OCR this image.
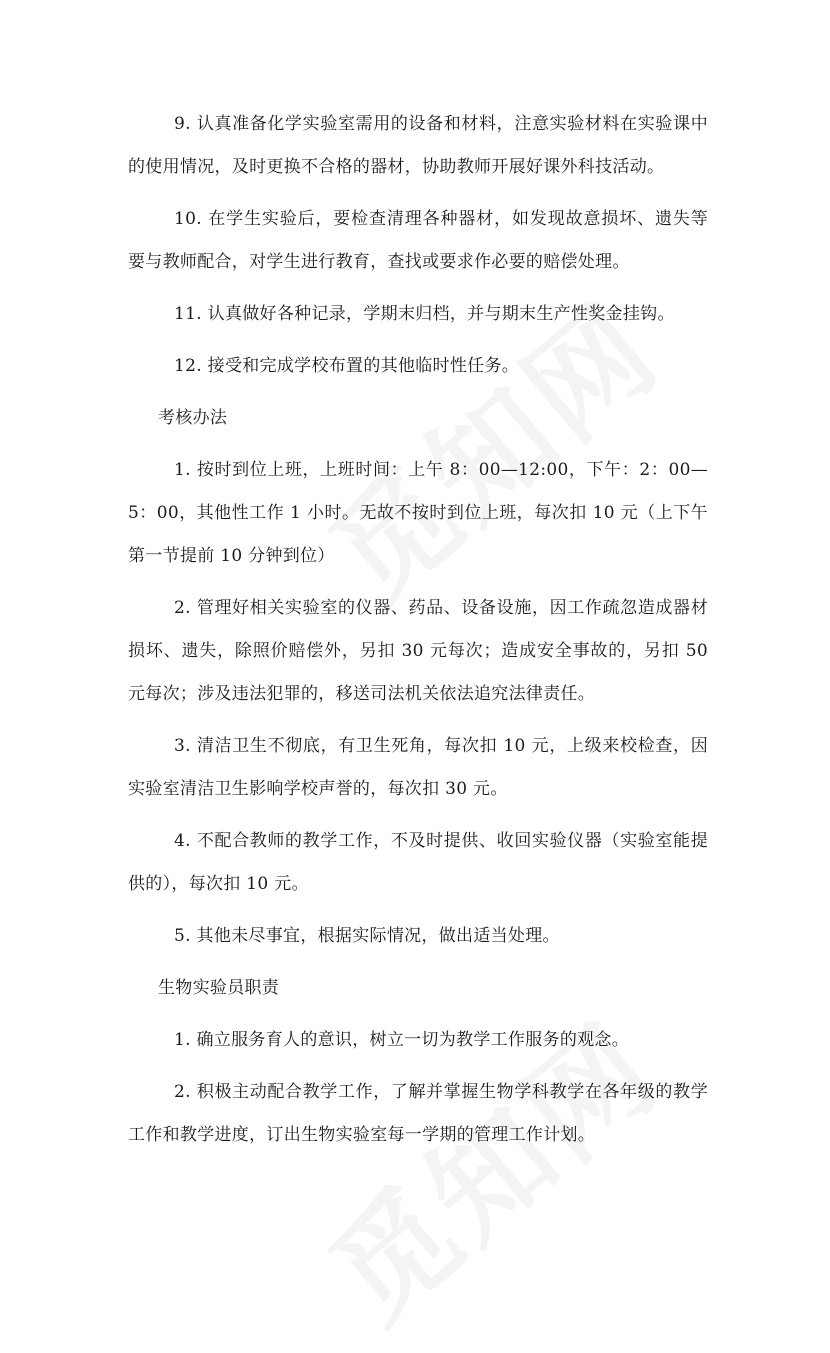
9. 认真准备化学实验室需用的设备和材料，注意实验材料在实验课中的使用情况，及时更换不合格的器材，协助教师开展好课外科技活动。

10. 在学生实验后，要检查清理各种器材，如发现故意损坏、遗失等要与教师配合，对学生进行教育，查找或要求作必要的赔偿处理。

11. 认真做好各种记录，学期末归档，并与期末生产性奖金挂钩。

12. 接受和完成学校布置的其他临时性任务。

考核办法

1. 按时到位上班，上班时间：上午 8：00—12:00，下午：2：00—5：00，其他性工作 1 小时。无故不按时到位上班，每次扣 10 元（上下午第一节提前 10 分钟到位）

2. 管理好相关实验室的仪器、药品、设备设施，因工作疏忽造成器材损坏、遗失，除照价赔偿外，另扣 30 元每次；造成安全事故的，另扣 50 元每次；涉及违法犯罪的，移送司法机关依法追究法律责任。

3. 清洁卫生不彻底，有卫生死角，每次扣 10 元，上级来校检查，因实验室清洁卫生影响学校声誉的，每次扣 30 元。

4. 不配合教师的教学工作，不及时提供、收回实验仪器（实验室能提供的），每次扣 10 元。

5. 其他未尽事宜，根据实际情况，做出适当处理。

生物实验员职责

1. 确立服务育人的意识，树立一切为教学工作服务的观念。

2. 积极主动配合教学工作，了解并掌握生物学科教学在各年级的教学工作和教学进度，订出生物实验室每一学期的管理工作计划。
